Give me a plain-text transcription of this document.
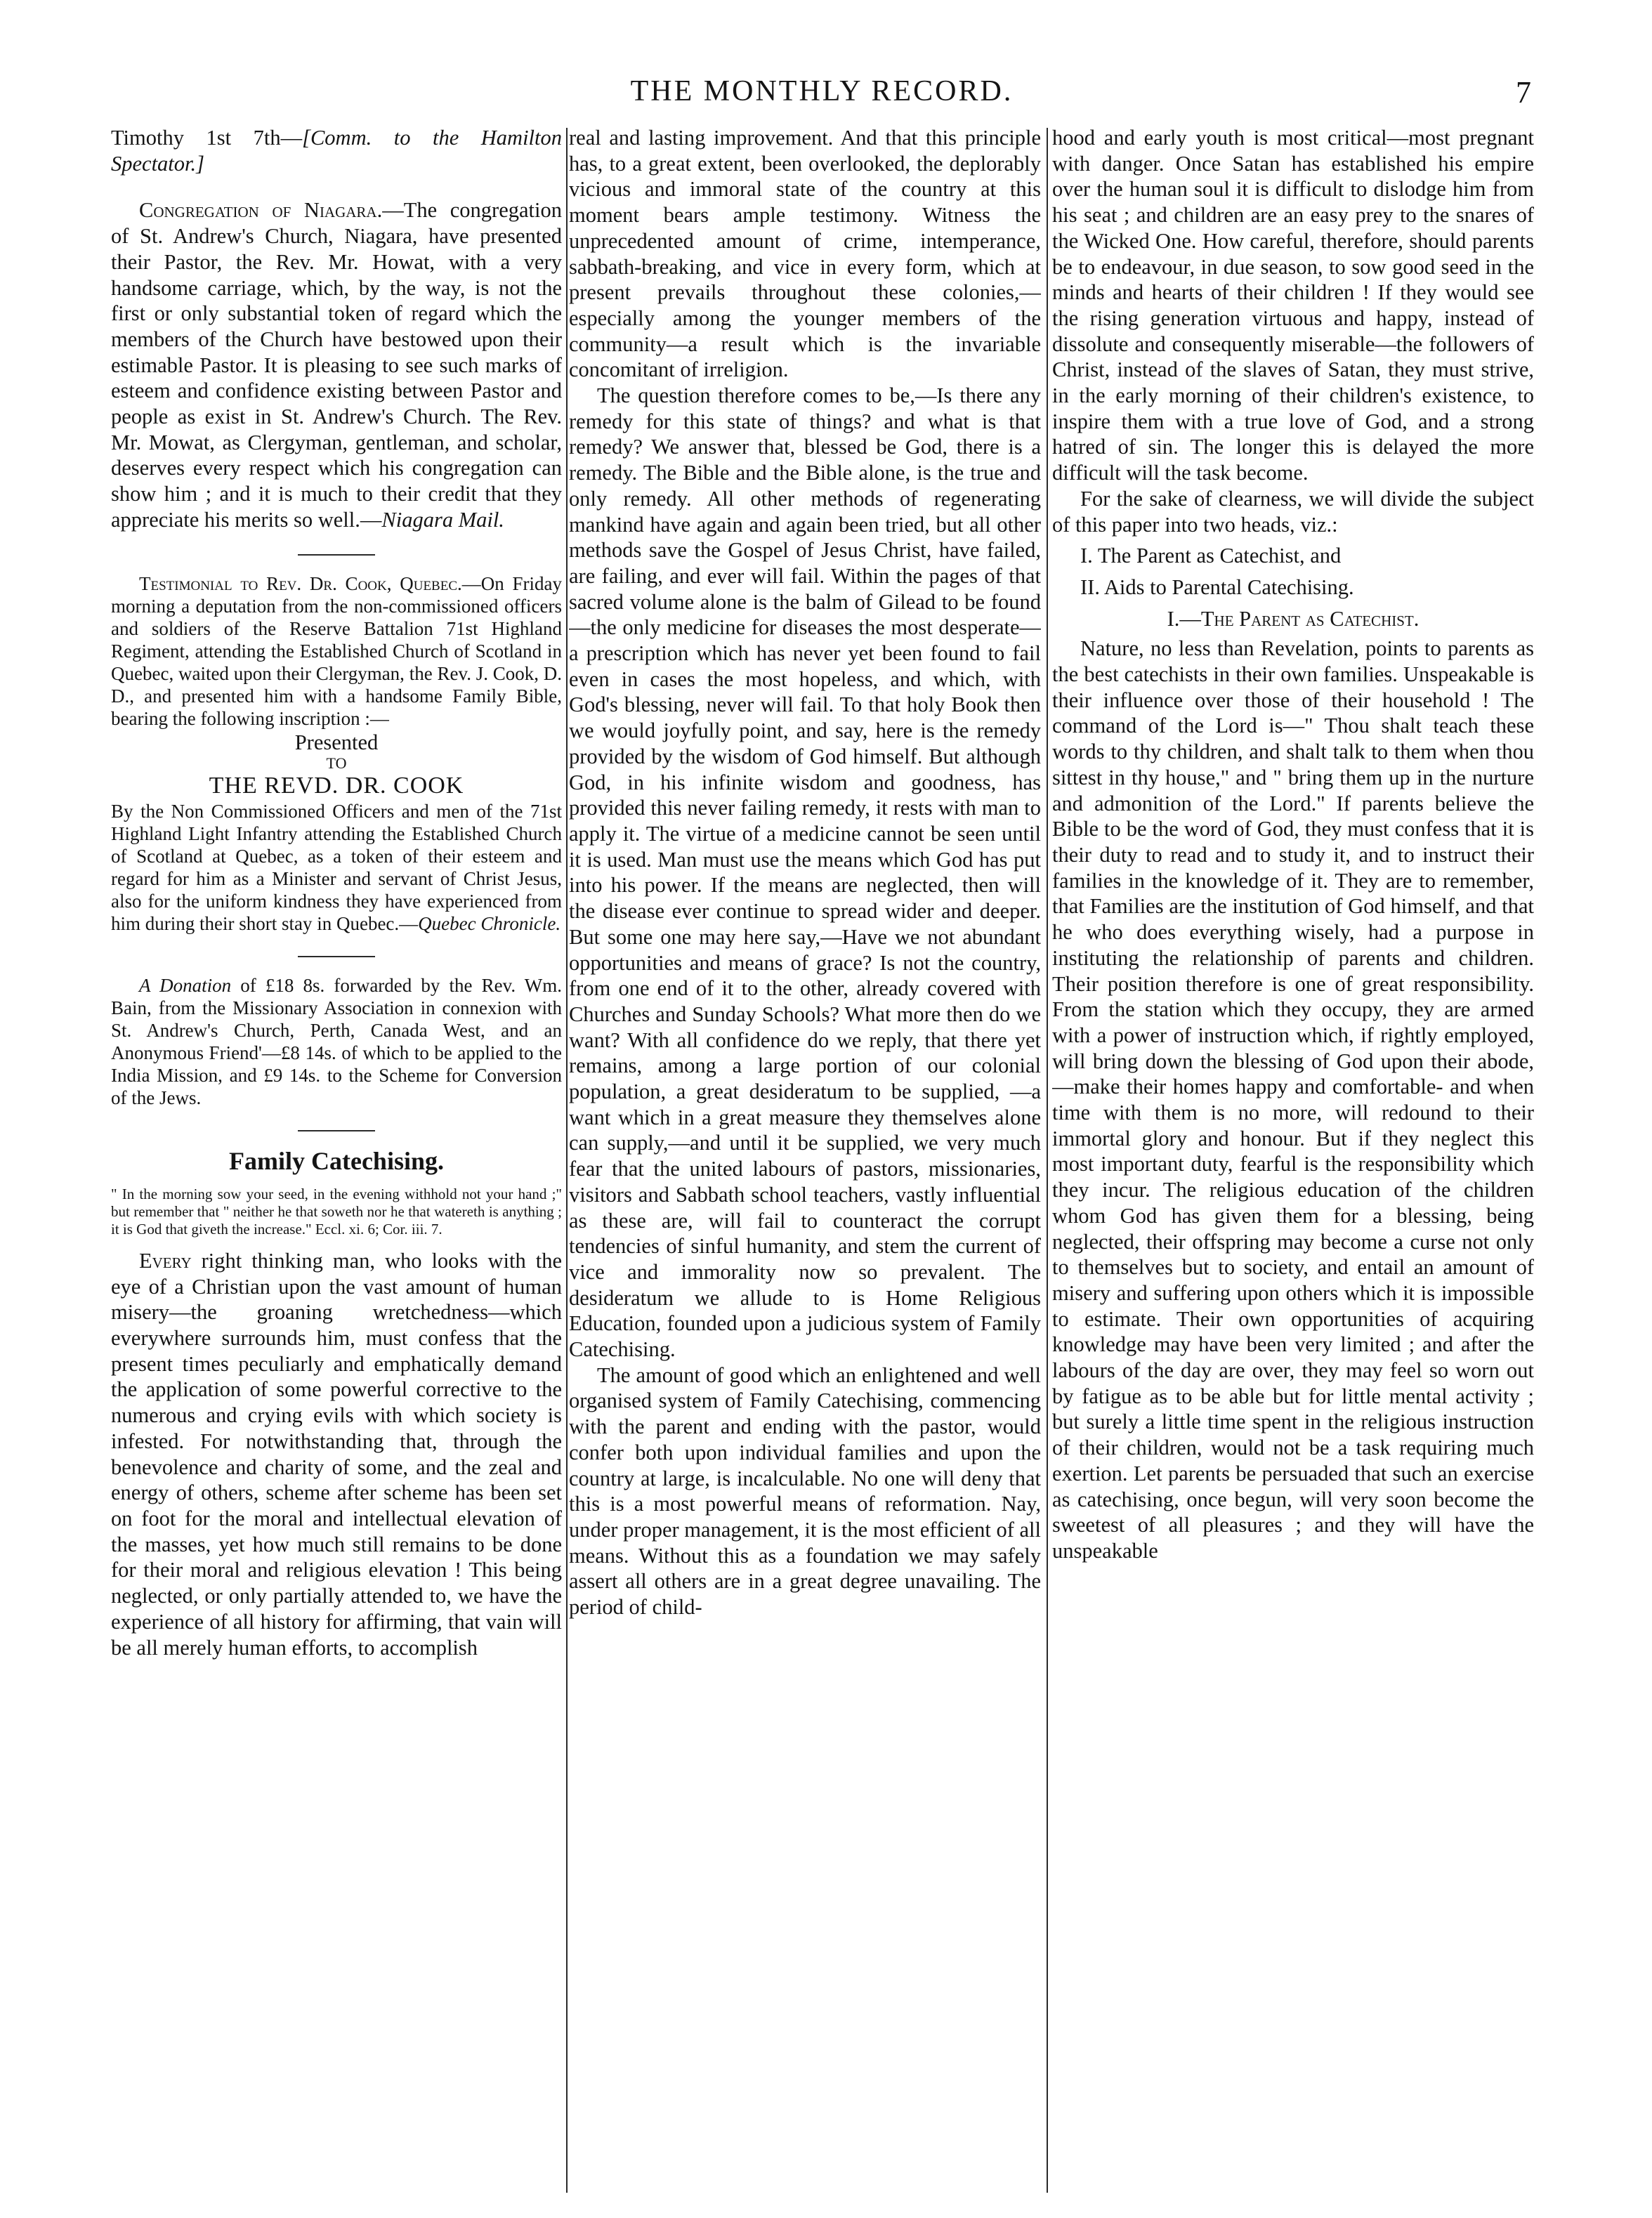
THE MONTHLY RECORD.	7

Timothy 1st 7th—[Comm. to the Hamilton Spectator.]

Congregation of Niagara.—The congregation of St. Andrew's Church, Niagara, have presented their Pastor, the Rev. Mr. Howat, with a very handsome carriage, which, by the way, is not the first or only substantial token of regard which the members of the Church have bestowed upon their estimable Pastor. It is pleasing to see such marks of esteem and confidence existing between Pastor and people as exist in St. Andrew's Church. The Rev. Mr. Mowat, as Clergyman, gentleman, and scholar, deserves every respect which his congregation can show him ; and it is much to their credit that they appreciate his merits so well.—Niagara Mail.

Testimonial to Rev. Dr. Cook, Quebec.—On Friday morning a deputation from the non-commissioned officers and soldiers of the Reserve Battalion 71st Highland Regiment, attending the Established Church of Scotland in Quebec, waited upon their Clergyman, the Rev. J. Cook, D. D., and presented him with a handsome Family Bible, bearing the following inscription :—

Presented

TO

THE REVD. DR. COOK

By the Non Commissioned Officers and men of the 71st Highland Light Infantry attending the Established Church of Scotland at Quebec, as a token of their esteem and regard for him as a Minister and servant of Christ Jesus, also for the uniform kindness they have experienced from him during their short stay in Quebec.—Quebec Chronicle.

A Donation of £18 8s. forwarded by the Rev. Wm. Bain, from the Missionary Association in connexion with St. Andrew's Church, Perth, Canada West, and an Anonymous Friend'—£8 14s. of which to be applied to the India Mission, and £9 14s. to the Scheme for Conversion of the Jews.

Family Catechising.

" In the morning sow your seed, in the evening withhold not your hand ;" but remember that " neither he that soweth nor he that watereth is anything ; it is God that giveth the increase." Eccl. xi. 6; Cor. iii. 7.

Every right thinking man, who looks with the eye of a Christian upon the vast amount of human misery—the groaning wretchedness—which everywhere surrounds him, must confess that the present times peculiarly and emphatically demand the application of some powerful corrective to the numerous and crying evils with which society is infested. For notwithstanding that, through the benevolence and charity of some, and the zeal and energy of others, scheme after scheme has been set on foot for the moral and intellectual elevation of the masses, yet how much still remains to be done for their moral and religious elevation ! This being neglected, or only partially attended to, we have the experience of all history for affirming, that vain will be all merely human efforts, to accomplish

real and lasting improvement. And that this principle has, to a great extent, been overlooked, the deplorably vicious and immoral state of the country at this moment bears ample testimony. Witness the unprecedented amount of crime, intemperance, sabbath-breaking, and vice in every form, which at present prevails throughout these colonies,—especially among the younger members of the community—a result which is the invariable concomitant of irreligion.

The question therefore comes to be,—Is there any remedy for this state of things? and what is that remedy? We answer that, blessed be God, there is a remedy. The Bible and the Bible alone, is the true and only remedy. All other methods of regenerating mankind have again and again been tried, but all other methods save the Gospel of Jesus Christ, have failed, are failing, and ever will fail. Within the pages of that sacred volume alone is the balm of Gilead to be found—the only medicine for diseases the most desperate—a prescription which has never yet been found to fail even in cases the most hopeless, and which, with God's blessing, never will fail. To that holy Book then we would joyfully point, and say, here is the remedy provided by the wisdom of God himself. But although God, in his infinite wisdom and goodness, has provided this never failing remedy, it rests with man to apply it. The virtue of a medicine cannot be seen until it is used. Man must use the means which God has put into his power. If the means are neglected, then will the disease ever continue to spread wider and deeper. But some one may here say,—Have we not abundant opportunities and means of grace? Is not the country, from one end of it to the other, already covered with Churches and Sunday Schools? What more then do we want? With all confidence do we reply, that there yet remains, among a large portion of our colonial population, a great desideratum to be supplied, —a want which in a great measure they themselves alone can supply,—and until it be supplied, we very much fear that the united labours of pastors, missionaries, visitors and Sabbath school teachers, vastly influential as these are, will fail to counteract the corrupt tendencies of sinful humanity, and stem the current of vice and immorality now so prevalent. The desideratum we allude to is Home Religious Education, founded upon a judicious system of Family Catechising.

The amount of good which an enlightened and well organised system of Family Catechising, commencing with the parent and ending with the pastor, would confer both upon individual families and upon the country at large, is incalculable. No one will deny that this is a most powerful means of reformation. Nay, under proper management, it is the most efficient of all means. Without this as a foundation we may safely assert all others are in a great degree unavailing. The period of child-

hood and early youth is most critical—most pregnant with danger. Once Satan has established his empire over the human soul it is difficult to dislodge him from his seat ; and children are an easy prey to the snares of the Wicked One. How careful, therefore, should parents be to endeavour, in due season, to sow good seed in the minds and hearts of their children ! If they would see the rising generation virtuous and happy, instead of dissolute and consequently miserable—the followers of Christ, instead of the slaves of Satan, they must strive, in the early morning of their children's existence, to inspire them with a true love of God, and a strong hatred of sin. The longer this is delayed the more difficult will the task become.

For the sake of clearness, we will divide the subject of this paper into two heads, viz.:

I. The Parent as Catechist, and

II. Aids to Parental Catechising.

I.—The Parent as Catechist.

Nature, no less than Revelation, points to parents as the best catechists in their own families. Unspeakable is their influence over those of their household ! The command of the Lord is—" Thou shalt teach these words to thy children, and shalt talk to them when thou sittest in thy house," and " bring them up in the nurture and admonition of the Lord." If parents believe the Bible to be the word of God, they must confess that it is their duty to read and to study it, and to instruct their families in the knowledge of it. They are to remember, that Families are the institution of God himself, and that he who does everything wisely, had a purpose in instituting the relationship of parents and children. Their position therefore is one of great responsibility. From the station which they occupy, they are armed with a power of instruction which, if rightly employed, will bring down the blessing of God upon their abode,—make their homes happy and comfortable- and when time with them is no more, will redound to their immortal glory and honour. But if they neglect this most important duty, fearful is the responsibility which they incur. The religious education of the children whom God has given them for a blessing, being neglected, their offspring may become a curse not only to themselves but to society, and entail an amount of misery and suffering upon others which it is impossible to estimate. Their own opportunities of acquiring knowledge may have been very limited ; and after the labours of the day are over, they may feel so worn out by fatigue as to be able but for little mental activity ; but surely a little time spent in the religious instruction of their children, would not be a task requiring much exertion. Let parents be persuaded that such an exercise as catechising, once begun, will very soon become the sweetest of all pleasures ; and they will have the unspeakable
